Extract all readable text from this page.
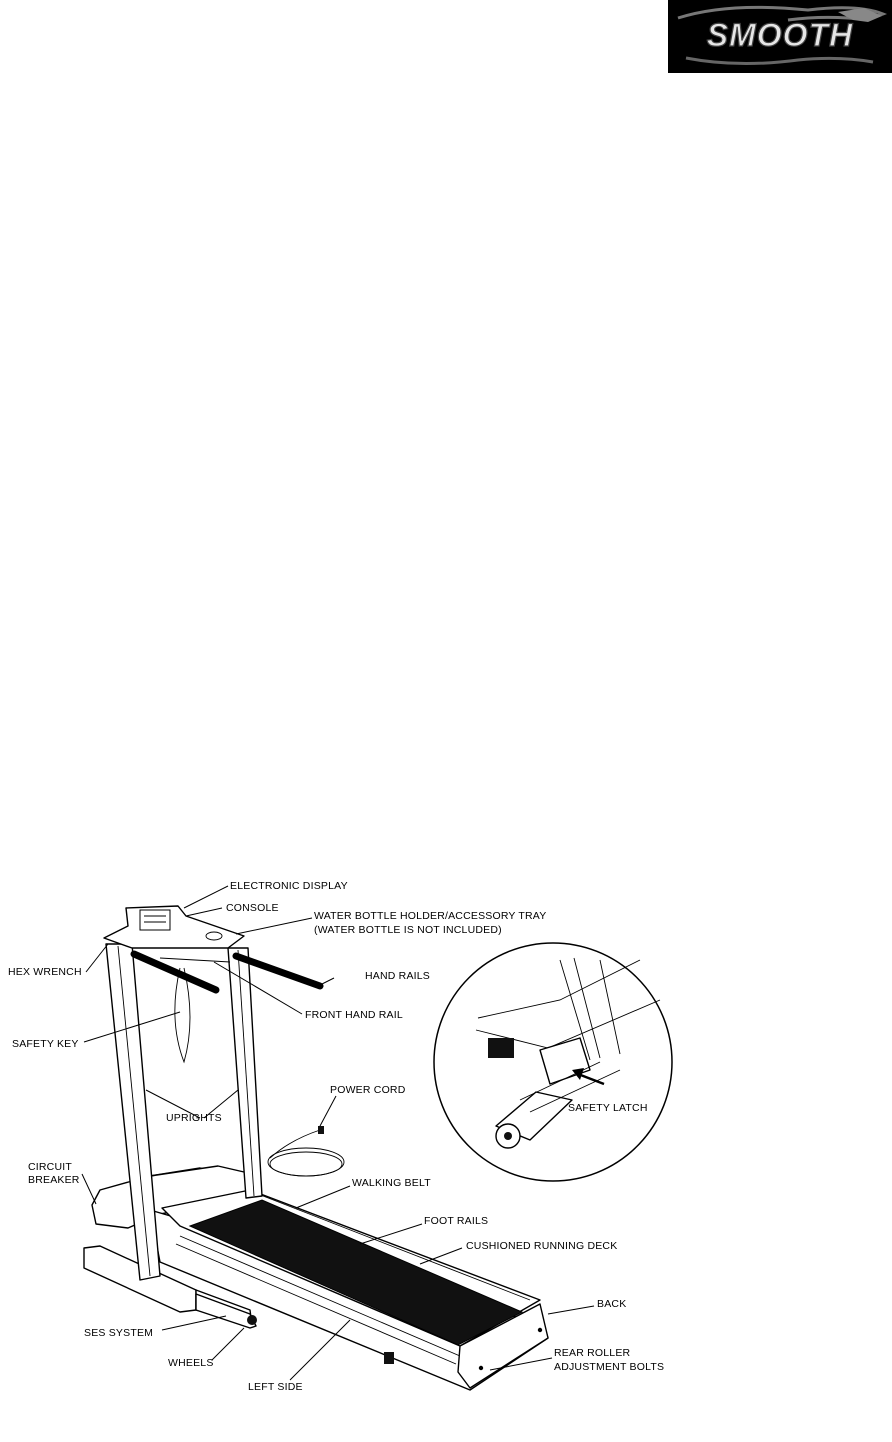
SMOOTH
ELECTRONIC DISPLAY
CONSOLE
WATER BOTTLE HOLDER/ACCESSORY TRAY
(WATER BOTTLE IS NOT INCLUDED)
HEX WRENCH	HAND RAILS
FRONT HAND RAIL
SAFETY KEY
POWER CORD
UPRIGHTS
CIRCUIT
BREAKER	WALKING BELT
FOOT RAILS
CUSHIONED RUNNING DECK
BACK
SES SYSTEM
REAR ROLLER
ADJUSTMENT BOLTS
WHEELS
LEFT SIDE
SAFETY LATCH
